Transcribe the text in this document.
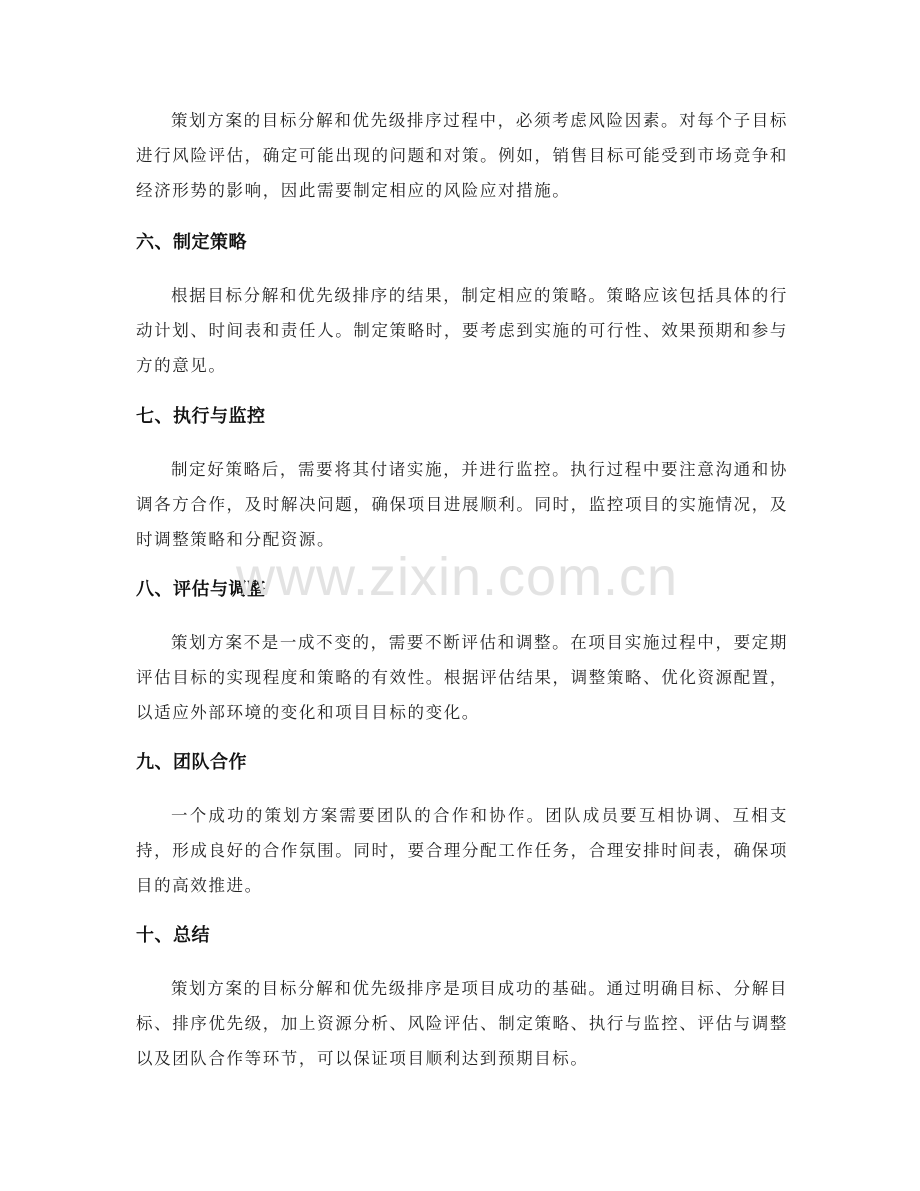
策划方案的目标分解和优先级排序过程中，必须考虑风险因素。对每个子目标进行风险评估，确定可能出现的问题和对策。例如，销售目标可能受到市场竞争和经济形势的影响，因此需要制定相应的风险应对措施。

六、制定策略

根据目标分解和优先级排序的结果，制定相应的策略。策略应该包括具体的行动计划、时间表和责任人。制定策略时，要考虑到实施的可行性、效果预期和参与方的意见。

七、执行与监控

制定好策略后，需要将其付诸实施，并进行监控。执行过程中要注意沟通和协调各方合作，及时解决问题，确保项目进展顺利。同时，监控项目的实施情况，及时调整策略和分配资源。

八、评估与调整

策划方案不是一成不变的，需要不断评估和调整。在项目实施过程中，要定期评估目标的实现程度和策略的有效性。根据评估结果，调整策略、优化资源配置，以适应外部环境的变化和项目目标的变化。

九、团队合作

一个成功的策划方案需要团队的合作和协作。团队成员要互相协调、互相支持，形成良好的合作氛围。同时，要合理分配工作任务，合理安排时间表，确保项目的高效推进。

十、总结

策划方案的目标分解和优先级排序是项目成功的基础。通过明确目标、分解目标、排序优先级，加上资源分析、风险评估、制定策略、执行与监控、评估与调整以及团队合作等环节，可以保证项目顺利达到预期目标。

www.zixin.com.cn
